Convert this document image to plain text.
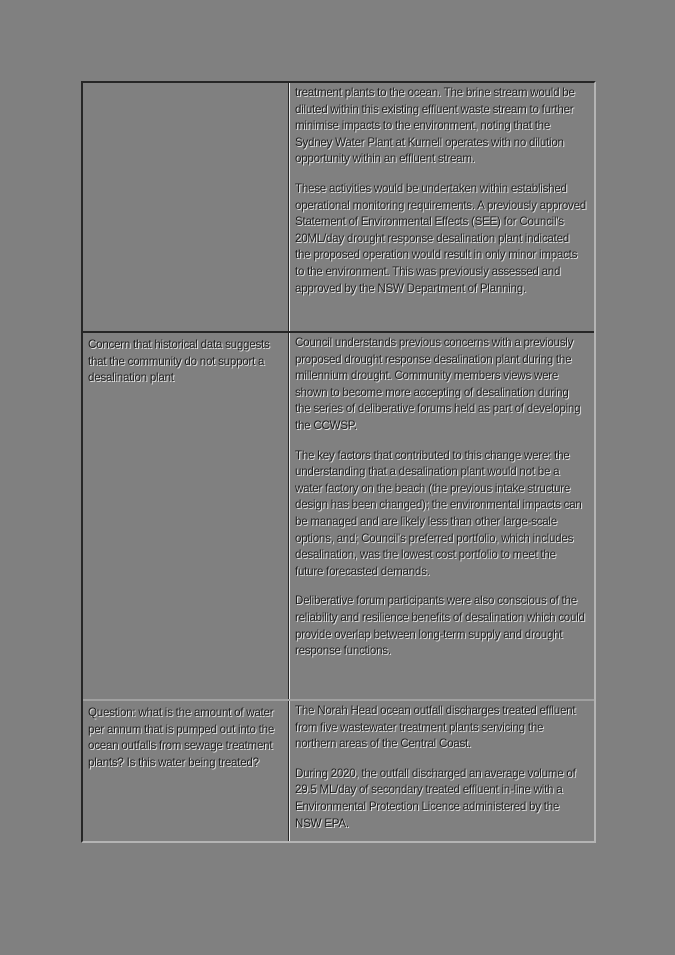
treatment plants to the ocean. The brine stream would be diluted within this existing effluent waste stream to further minimise impacts to the environment, noting that the Sydney Water Plant at Kurnell operates with no dilution opportunity within an effluent stream.

These activities would be undertaken within established operational monitoring requirements. A previously approved Statement of Environmental Effects (SEE) for Council's 20ML/day drought response desalination plant indicated the proposed operation would result in only minor impacts to the environment. This was previously assessed and approved by the NSW Department of Planning.

Concern that historical data suggests that the community do not support a desalination plant

Council understands previous concerns with a previously proposed drought response desalination plant during the millennium drought. Community members views were shown to become more accepting of desalination during the series of deliberative forums held as part of developing the CCWSP.

The key factors that contributed to this change were: the understanding that a desalination plant would not be a water factory on the beach (the previous intake structure design has been changed); the environmental impacts can be managed and are likely less than other large-scale options, and; Council's preferred portfolio, which includes desalination, was the lowest cost portfolio to meet the future forecasted demands.

Deliberative forum participants were also conscious of the reliability and resilience benefits of desalination which could provide overlap between long-term supply and drought response functions.

Question: what is the amount of water per annum that is pumped out into the ocean outfalls from sewage treatment plants? Is this water being treated?

The Norah Head ocean outfall discharges treated effluent from five wastewater treatment plants servicing the northern areas of the Central Coast.

During 2020, the outfall discharged an average volume of 29.5 ML/day of secondary treated effluent in-line with a Environmental Protection Licence administered by the NSW EPA.
